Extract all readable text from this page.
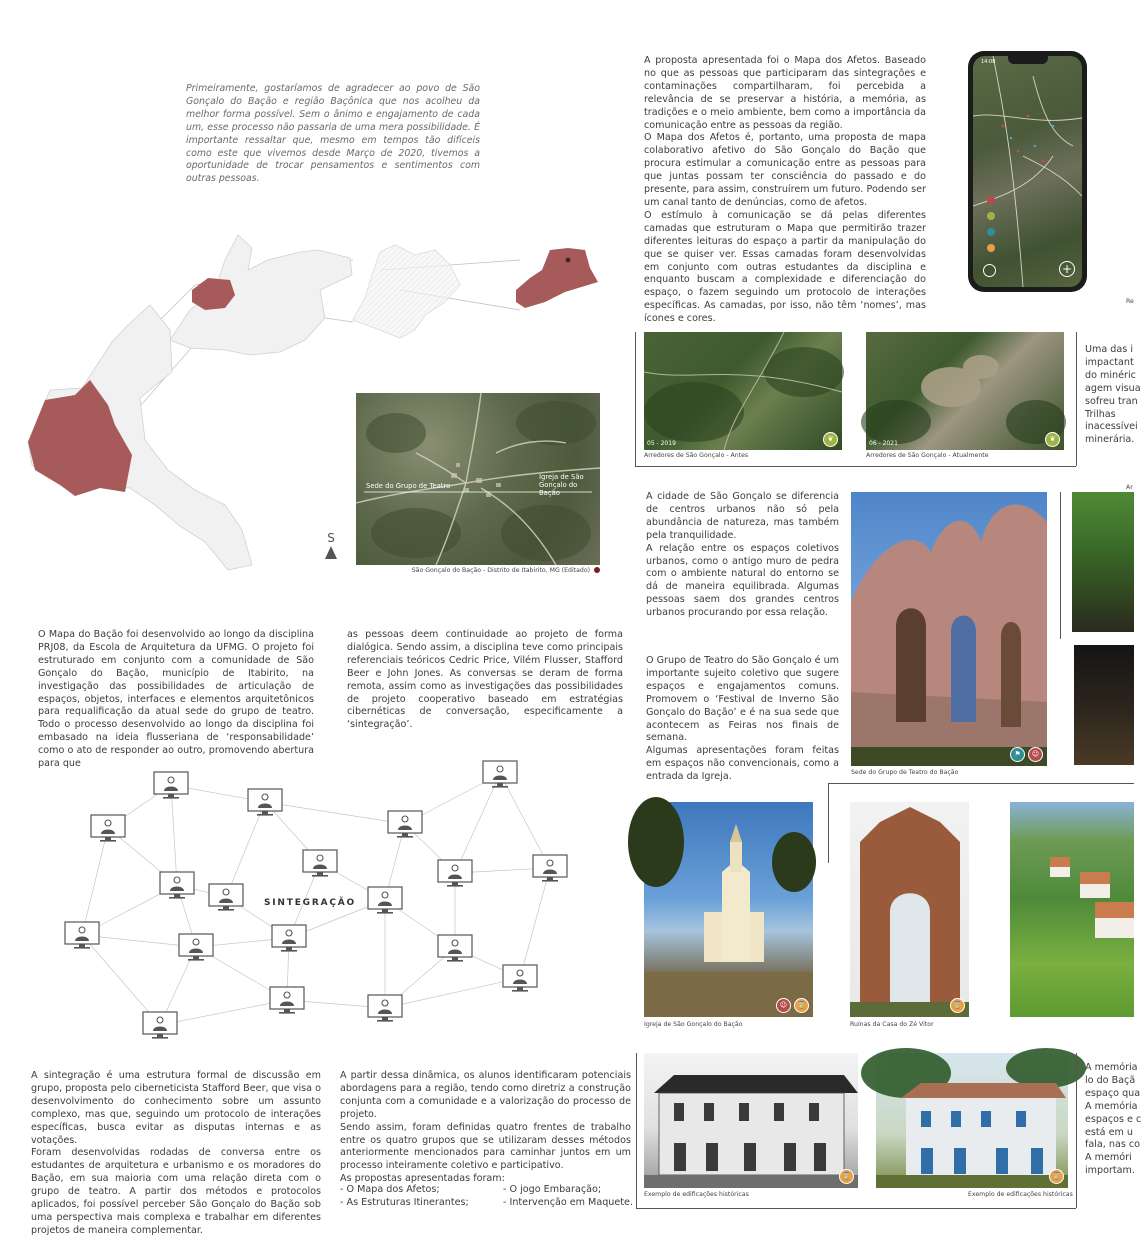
Primeiramente, gostaríamos de agradecer ao povo de São Gonçalo do Bação e região Baçônica que nos acolheu da melhor forma possível. Sem o ânimo e engajamento de cada um, esse processo não passaria de uma mera possibilidade. É importante ressaltar que, mesmo em tempos tão difíceis como este que vivemos desde Março de 2020, tivemos a oportunidade de trocar pensamentos e sentimentos com outras pessoas.
Sede do Grupo de Teatro
Igreja de São Gonçalo do Bação
S
São Gonçalo do Bação - Distrito de Itabirito, MG (Editado)
A proposta apresentada foi o Mapa dos Afetos. Baseado no que as pessoas que participaram das sintegrações e contaminações compartilharam, foi percebida a relevância de se preservar a história, a memória, as tradições e o meio ambiente, bem como a importância da comunicação entre as pessoas da região.
O Mapa dos Afetos é, portanto, uma proposta de mapa colaborativo afetivo do São Gonçalo do Bação que procura estimular a comunicação entre as pessoas para que juntas possam ter consciência do passado e do presente, para assim, construírem um futuro. Podendo ser um canal tanto de denúncias, como de afetos.
O estímulo à comunicação se dá pelas diferentes camadas que estruturam o Mapa que permitirão trazer diferentes leituras do espaço a partir da manipulação do que se quiser ver. Essas camadas foram desenvolvidas em conjunto com outras estudantes da disciplina e enquanto buscam a complexidade e diferenciação do espaço, o fazem seguindo um protocolo de interações específicas. As camadas, por isso, não têm ‘nomes’, mas ícones e cores.
14:08
+
Re
05 - 2019
❦
06 - 2021
❦
Arredores de São Gonçalo - Antes	Arredores de São Gonçalo - Atualmente
Uma das i
impactant
do minéric
agem visua
sofreu tran
Trilhas
inacessívei
minerária.
O Mapa do Bação foi desenvolvido ao longo da disciplina PRJ08, da Escola de Arquitetura da UFMG. O projeto foi estruturado em conjunto com a comunidade de São Gonçalo do Bação, município de Itabirito, na investigação das possibilidades de articulação de espaços, objetos, interfaces e elementos arquitetônicos para requalificação da atual sede do grupo de teatro. Todo o processo desenvolvido ao longo da disciplina foi embasado na ideia flusseriana de ‘responsabilidade’ como o ato de responder ao outro, promovendo abertura para que
as pessoas deem continuidade ao projeto de forma dialógica. Sendo assim, a disciplina teve como principais referenciais teóricos Cedric Price, Vilém Flusser, Stafford Beer e John Jones. As conversas se deram de forma remota, assim como as investigações das possibilidades de projeto cooperativo baseado em estratégias cibernéticas de conversação, especificamente a ‘sintegração’.
A cidade de São Gonçalo se diferencia de centros urbanos não só pela abundância de natureza, mas também pela tranquilidade.
A relação entre os espaços coletivos urbanos, como o antigo muro de pedra com o ambiente natural do entorno se dá de maneira equilibrada. Algumas pessoas saem dos grandes centros urbanos procurando por essa relação.
O Grupo de Teatro do São Gonçalo é um importante sujeito coletivo que sugere espaços e engajamentos comuns. Promovem o ‘Festival de Inverno São Gonçalo do Bação’ e é na sua sede que acontecem as Feiras nos finais de semana.
Algumas apresentações foram feitas em espaços não convencionais, como a entrada da Igreja.
⚑	☺
Sede do Grupo de Teatro do Bação
Ar
SINTEGRAÇÃO
☺	⌛
Igreja de São Gonçalo do Bação
⌛
Ruínas da Casa do Zé Vitor
⌛
Exemplo de edificações históricas
⌛
Exemplo de edificações históricas
A memória
lo do Baçã
espaço qua
A memória
espaços e c
está em u
fala, nas co
A memóri
importam.
A sintegração é uma estrutura formal de discussão em grupo, proposta pelo ciberneticista Stafford Beer, que visa o desenvolvimento do conhecimento sobre um assunto complexo, mas que, seguindo um protocolo de interações específicas, busca evitar as disputas internas e as votações.
Foram desenvolvidas rodadas de conversa entre os estudantes de arquitetura e urbanismo e os moradores do Bação, em sua maioria com uma relação direta com o grupo de teatro. A partir dos métodos e protocolos aplicados, foi possível perceber São Gonçalo do Bação sob uma perspectiva mais complexa e trabalhar em diferentes projetos de maneira complementar.
A partir dessa dinâmica, os alunos identificaram potenciais abordagens para a região, tendo como diretriz a construção conjunta com a comunidade e a valorização do processo de projeto.
Sendo assim, foram definidas quatro frentes de trabalho entre os quatro grupos que se utilizaram desses métodos anteriormente mencionados para caminhar juntos em um processo inteiramente coletivo e participativo.
As propostas apresentadas foram:
- O Mapa dos Afetos;
- As Estruturas Itinerantes;
- O jogo Embaração;
- Intervenção em Maquete.
